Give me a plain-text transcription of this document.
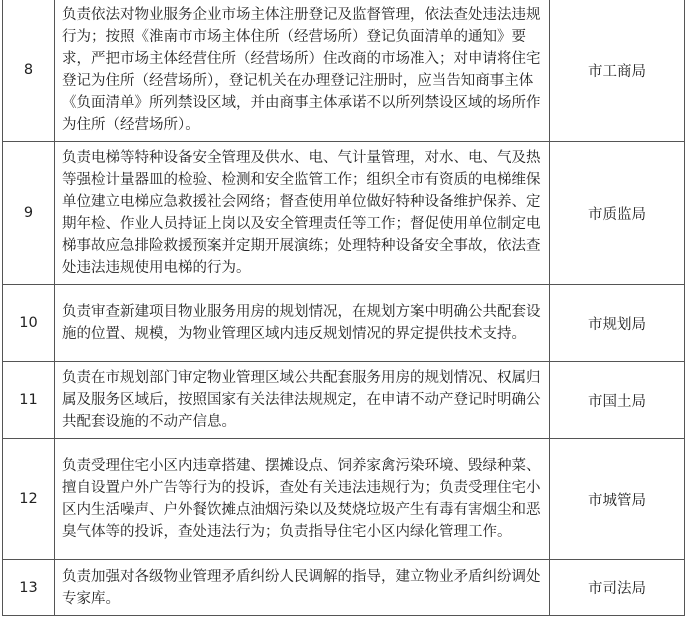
8	负责依法对物业服务企业市场主体注册登记及监督管理，依法查处违法违规行为；按照《淮南市市场主体住所（经营场所）登记负面清单的通知》要求，严把市场主体经营住所（经营场所）住改商的市场准入；对申请将住宅登记为住所（经营场所），登记机关在办理登记注册时，应当告知商事主体《负面清单》所列禁设区域，并由商事主体承诺不以所列禁设区域的场所作为住所（经营场所）。	市工商局
9	负责电梯等特种设备安全管理及供水、电、气计量管理，对水、电、气及热等强检计量器皿的检验、检测和安全监管工作；组织全市有资质的电梯维保单位建立电梯应急救援社会网络；督查使用单位做好特种设备维护保养、定期年检、作业人员持证上岗以及安全管理责任等工作；督促使用单位制定电梯事故应急排险救援预案并定期开展演练；处理特种设备安全事故，依法查处违法违规使用电梯的行为。	市质监局
10	负责审查新建项目物业服务用房的规划情况，在规划方案中明确公共配套设施的位置、规模，为物业管理区域内违反规划情况的界定提供技术支持。	市规划局
11	负责在市规划部门审定物业管理区域公共配套服务用房的规划情况、权属归属及服务区域后，按照国家有关法律法规规定，在申请不动产登记时明确公共配套设施的不动产信息。	市国土局
12	负责受理住宅小区内违章搭建、摆摊设点、饲养家禽污染环境、毁绿种菜、擅自设置户外广告等行为的投诉，查处有关违法违规行为；负责受理住宅小区内生活噪声、户外餐饮摊点油烟污染以及焚烧垃圾产生有毒有害烟尘和恶臭气体等的投诉，查处违法行为；负责指导住宅小区内绿化管理工作。	市城管局
13	负责加强对各级物业管理矛盾纠纷人民调解的指导，建立物业矛盾纠纷调处专家库。	市司法局
